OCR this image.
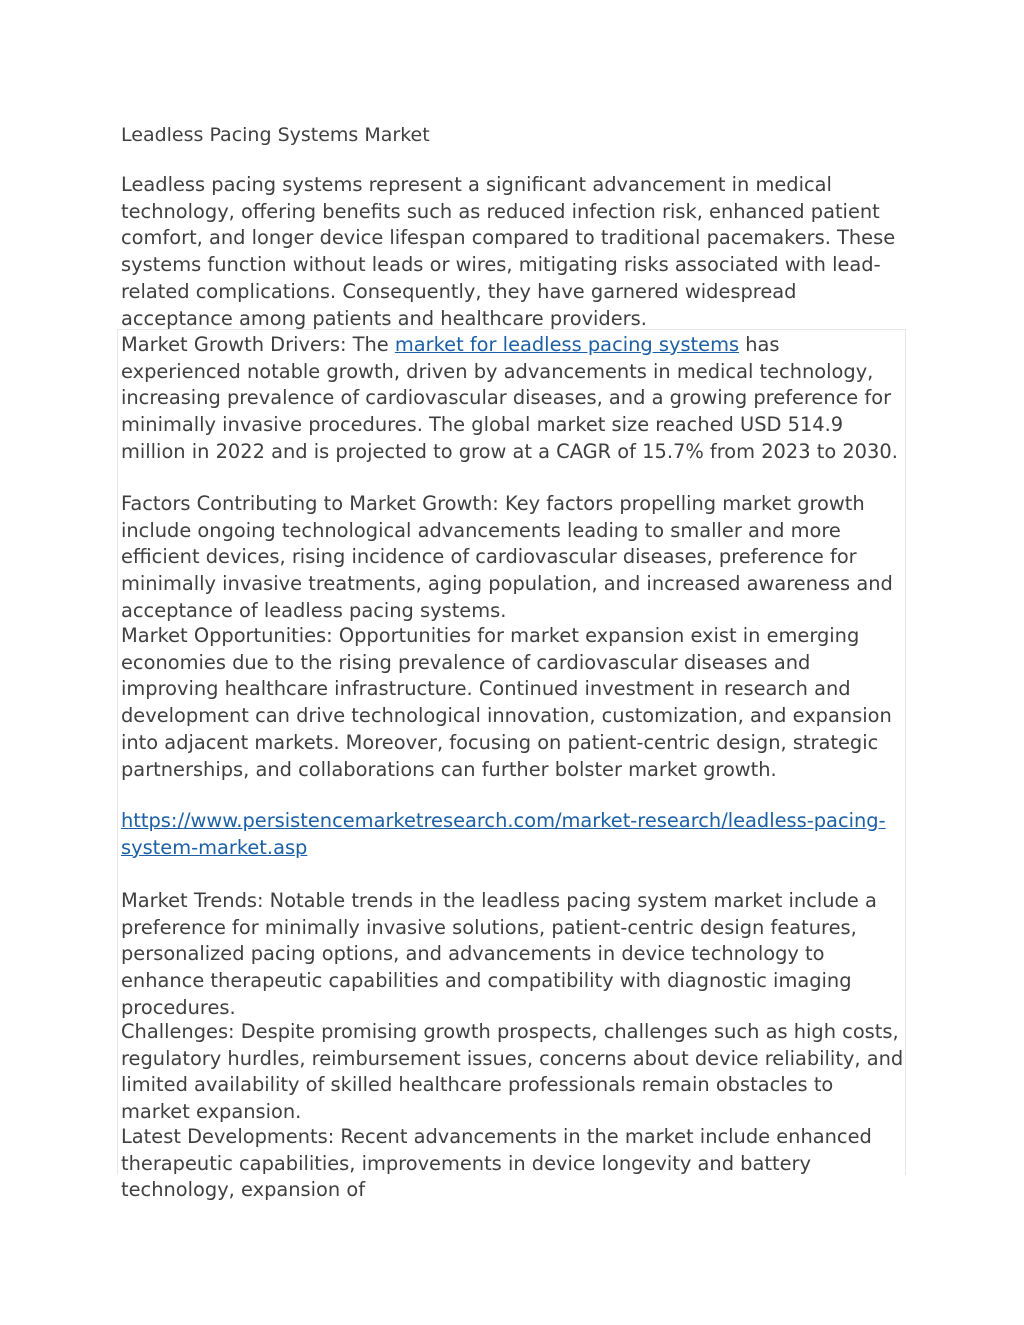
Leadless Pacing Systems Market

Leadless pacing systems represent a significant advancement in medical technology, offering benefits such as reduced infection risk, enhanced patient comfort, and longer device lifespan compared to traditional pacemakers. These systems function without leads or wires, mitigating risks associated with lead-related complications. Consequently, they have garnered widespread acceptance among patients and healthcare providers.

Market Growth Drivers: The market for leadless pacing systems has experienced notable growth, driven by advancements in medical technology, increasing prevalence of cardiovascular diseases, and a growing preference for minimally invasive procedures. The global market size reached USD 514.9 million in 2022 and is projected to grow at a CAGR of 15.7% from 2023 to 2030.

Factors Contributing to Market Growth: Key factors propelling market growth include ongoing technological advancements leading to smaller and more efficient devices, rising incidence of cardiovascular diseases, preference for minimally invasive treatments, aging population, and increased awareness and acceptance of leadless pacing systems.

Market Opportunities: Opportunities for market expansion exist in emerging economies due to the rising prevalence of cardiovascular diseases and improving healthcare infrastructure. Continued investment in research and development can drive technological innovation, customization, and expansion into adjacent markets. Moreover, focusing on patient-centric design, strategic partnerships, and collaborations can further bolster market growth.

https://www.persistencemarketresearch.com/market-research/leadless-pacing-system-market.asp

Market Trends: Notable trends in the leadless pacing system market include a preference for minimally invasive solutions, patient-centric design features, personalized pacing options, and advancements in device technology to enhance therapeutic capabilities and compatibility with diagnostic imaging procedures.

Challenges: Despite promising growth prospects, challenges such as high costs, regulatory hurdles, reimbursement issues, concerns about device reliability, and limited availability of skilled healthcare professionals remain obstacles to market expansion.

Latest Developments: Recent advancements in the market include enhanced therapeutic capabilities, improvements in device longevity and battery technology, expansion of
